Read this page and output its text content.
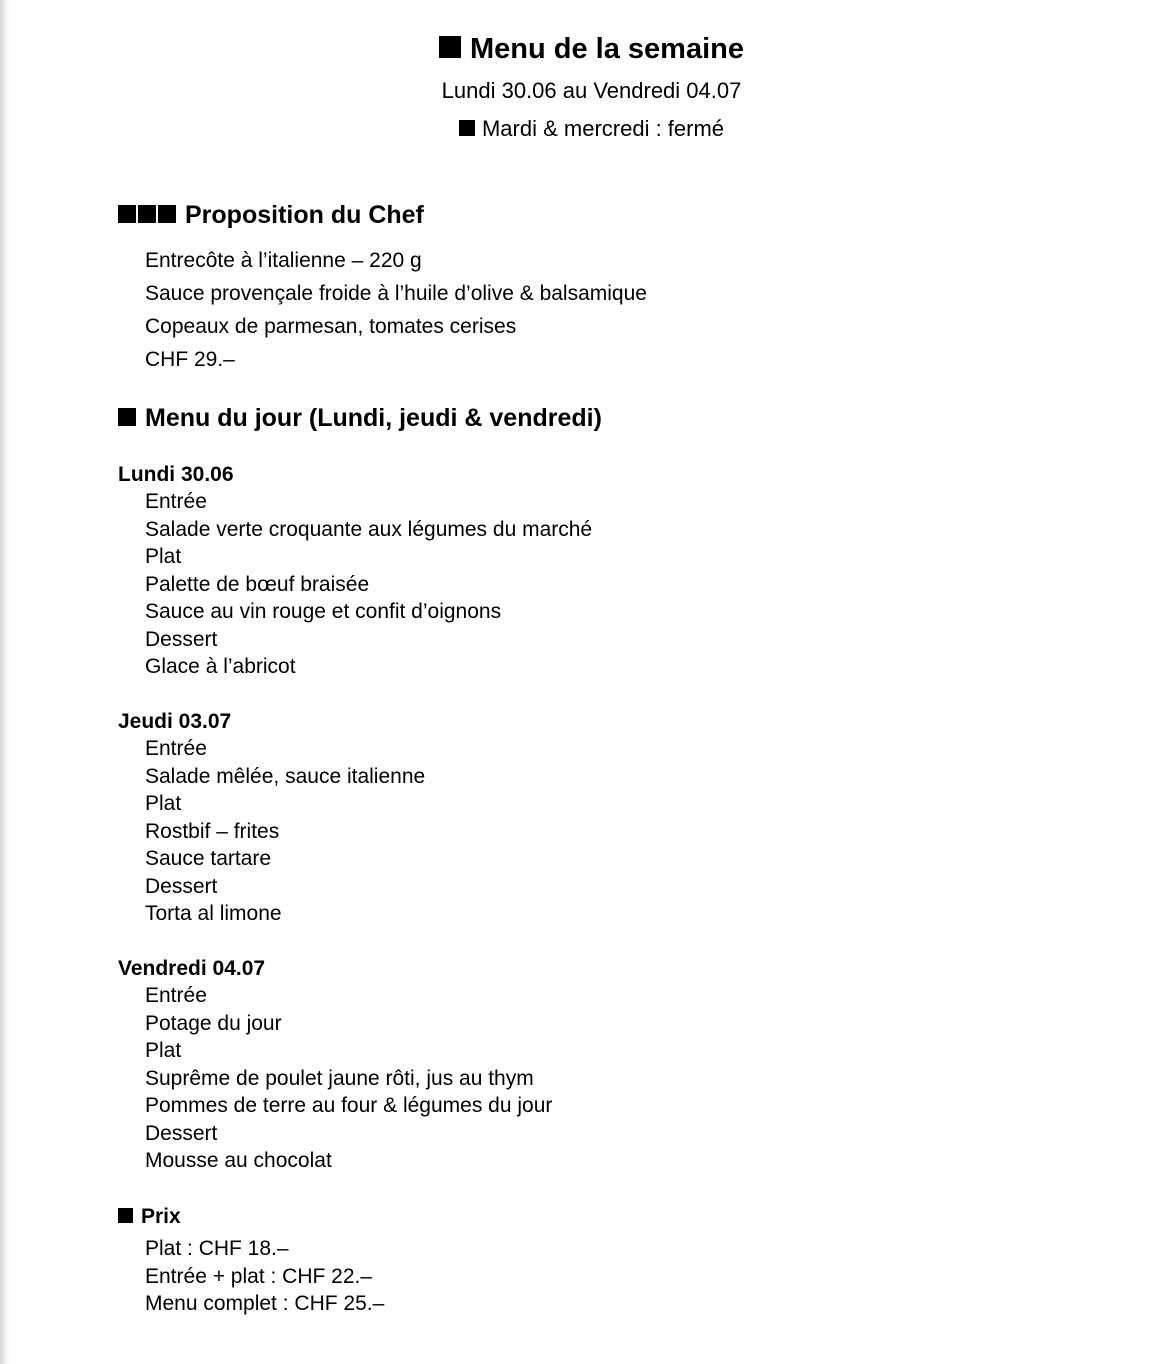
Menu de la semaine
Lundi 30.06 au Vendredi 04.07
Mardi & mercredi : fermé
Proposition du Chef
Entrecôte à l’italienne – 220 g
Sauce provençale froide à l’huile d’olive & balsamique
Copeaux de parmesan, tomates cerises
CHF 29.–
Menu du jour (Lundi, jeudi & vendredi)
Lundi 30.06
Entrée
Salade verte croquante aux légumes du marché
Plat
Palette de bœuf braisée
Sauce au vin rouge et confit d’oignons
Dessert
Glace à l’abricot
Jeudi 03.07
Entrée
Salade mêlée, sauce italienne
Plat
Rostbif – frites
Sauce tartare
Dessert
Torta al limone
Vendredi 04.07
Entrée
Potage du jour
Plat
Suprême de poulet jaune rôti, jus au thym
Pommes de terre au four & légumes du jour
Dessert
Mousse au chocolat
Prix
Plat : CHF 18.–
Entrée + plat : CHF 22.–
Menu complet : CHF 25.–
